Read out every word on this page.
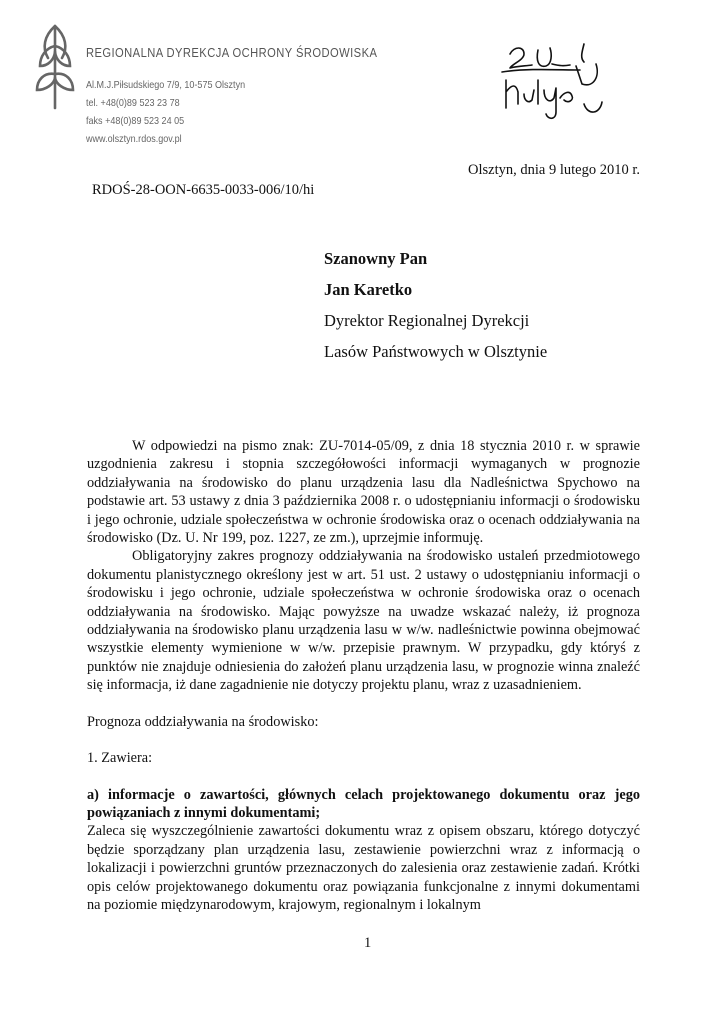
REGIONALNA DYREKCJA OCHRONY ŚRODOWISKA
Al.M.J.Piłsudskiego 7/9, 10-575 Olsztyn
tel. +48(0)89 523 23 78
faks +48(0)89 523 24 05
www.olsztyn.rdos.gov.pl
Olsztyn, dnia 9 lutego 2010 r.
RDOŚ-28-OON-6635-0033-006/10/hi
Szanowny Pan
Jan Karetko
Dyrektor Regionalnej Dyrekcji
Lasów Państwowych w Olsztynie

W odpowiedzi na pismo znak: ZU-7014-05/09, z dnia 18 stycznia 2010 r. w sprawie uzgodnienia zakresu i stopnia szczegółowości informacji wymaganych w prognozie oddziaływania na środowisko do planu urządzenia lasu dla Nadleśnictwa Spychowo na podstawie art. 53 ustawy z dnia 3 października 2008 r. o udostępnianiu informacji o środowisku i jego ochronie, udziale społeczeństwa w ochronie środowiska oraz o ocenach oddziaływania na środowisko (Dz. U. Nr 199, poz. 1227, ze zm.), uprzejmie informuję.

Obligatoryjny zakres prognozy oddziaływania na środowisko ustaleń przedmiotowego dokumentu planistycznego określony jest w art. 51 ust. 2 ustawy o udostępnianiu informacji o środowisku i jego ochronie, udziale społeczeństwa w ochronie środowiska oraz o ocenach oddziaływania na środowisko. Mając powyższe na uwadze wskazać należy, iż prognoza oddziaływania na środowisko planu urządzenia lasu w w/w. nadleśnictwie powinna obejmować wszystkie elementy wymienione w w/w. przepisie prawnym. W przypadku, gdy któryś z punktów nie znajduje odniesienia do założeń planu urządzenia lasu, w prognozie winna znaleźć się informacja, iż dane zagadnienie nie dotyczy projektu planu, wraz z uzasadnieniem.

Prognoza oddziaływania na środowisko:

1. Zawiera:

a) informacje o zawartości, głównych celach projektowanego dokumentu oraz jego powiązaniach z innymi dokumentami;

Zaleca się wyszczególnienie zawartości dokumentu wraz z opisem obszaru, którego dotyczyć będzie sporządzany plan urządzenia lasu, zestawienie powierzchni wraz z informacją o lokalizacji i powierzchni gruntów przeznaczonych do zalesienia oraz zestawienie zadań. Krótki opis celów projektowanego dokumentu oraz powiązania funkcjonalne z innymi dokumentami na poziomie międzynarodowym, krajowym, regionalnym i lokalnym

1
